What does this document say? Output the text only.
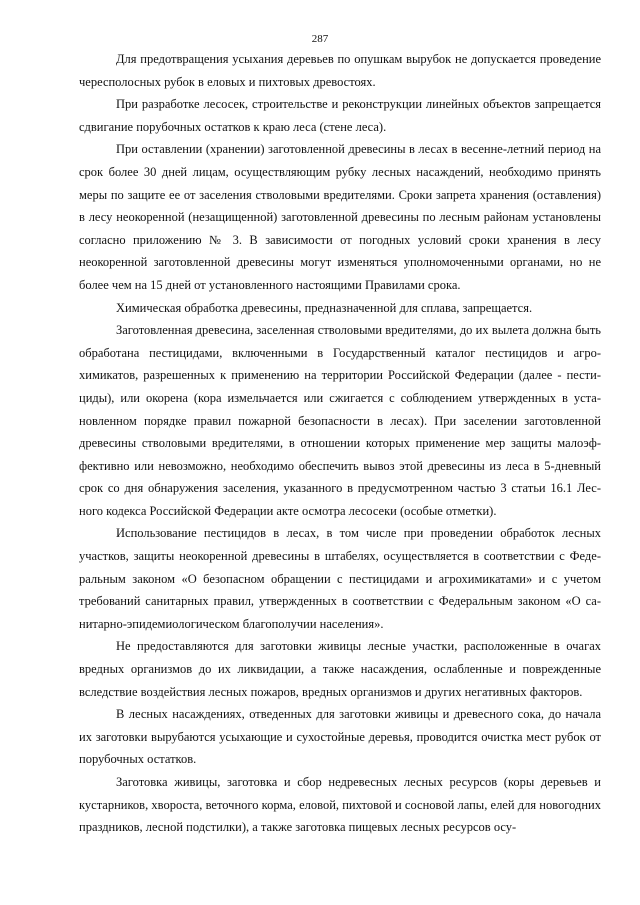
287

Для предотвращения усыхания деревьев по опушкам вырубок не допускается проведение чересполосных рубок в еловых и пихтовых древостоях.

При разработке лесосек, строительстве и реконструкции линейных объектов запрещается сдвигание порубочных остатков к краю леса (стене леса).

При оставлении (хранении) заготовленной древесины в лесах в весенне-летний период на срок более 30 дней лицам, осуществляющим рубку лесных насаждений, необходимо принять меры по защите ее от заселения стволовыми вредителями. Сроки запрета хранения (оставления) в лесу неокоренной (незащищенной) заготовленной древесины по лесным районам установлены согласно приложению № 3. В зависимости от погодных условий сроки хранения в лесу неокоренной заготовленной древесины могут изменяться уполномоченными органами, но не более чем на 15 дней от установленного настоящими Правилами срока.

Химическая обработка древесины, предназначенной для сплава, запрещается.

Заготовленная древесина, заселенная стволовыми вредителями, до их вылета должна быть обработана пестицидами, включенными в Государственный каталог пестицидов и агрохимикатов, разрешенных к применению на территории Российской Федерации (далее - пестициды), или окорена (кора измельчается или сжигается с соблюдением утвержденных в установленном порядке правил пожарной безопасности в лесах). При заселении заготовленной древесины стволовыми вредителями, в отношении которых применение мер защиты малоэффективно или невозможно, необходимо обеспечить вывоз этой древесины из леса в 5-дневный срок со дня обнаружения заселения, указанного в предусмотренном частью 3 статьи 16.1 Лесного кодекса Российской Федерации акте осмотра лесосеки (особые отметки).

Использование пестицидов в лесах, в том числе при проведении обработок лесных участков, защиты неокоренной древесины в штабелях, осуществляется в соответствии с Федеральным законом «О безопасном обращении с пестицидами и агрохимикатами» и с учетом требований санитарных правил, утвержденных в соответствии с Федеральным законом «О санитарно-эпидемиологическом благополучии населения».

Не предоставляются для заготовки живицы лесные участки, расположенные в очагах вредных организмов до их ликвидации, а также насаждения, ослабленные и поврежденные вследствие воздействия лесных пожаров, вредных организмов и других негативных факторов.

В лесных насаждениях, отведенных для заготовки живицы и древесного сока, до начала их заготовки вырубаются усыхающие и сухостойные деревья, проводится очистка мест рубок от порубочных остатков.

Заготовка живицы, заготовка и сбор недревесных лесных ресурсов (коры деревьев и кустарников, хвороста, веточного корма, еловой, пихтовой и сосновой лапы, елей для новогодних праздников, лесной подстилки), а также заготовка пищевых лесных ресурсов осу-
